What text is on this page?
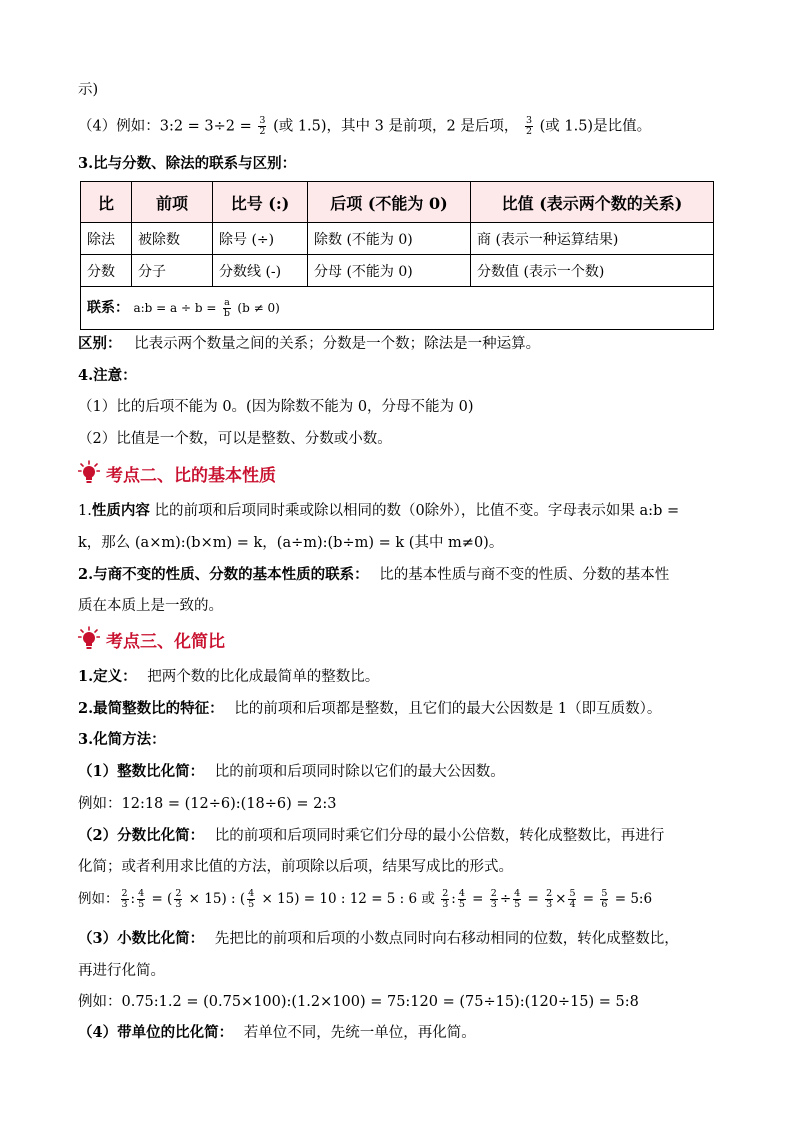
示)
（4）例如：3:2 = $3\div 2 = \frac{3}{2}$ (或 1.5)，其中 3 是前项，2 是后项， $\frac{3}{2}$ (或 1.5)是比值。
3.比与分数、除法的联系与区别：
比	前项	比号 (:)	后项 (不能为 0)	比值 (表示两个数的关系)
除法	被除数	除号 (÷)	除数 (不能为 0)	商 (表示一种运算结果)
分数	分子	分数线 (-)	分母 (不能为 0)	分数值 (表示一个数)
联系： a:b = $a \div b = \frac{a}{b} (b \ne 0)$				
区别： 比表示两个数量之间的关系；分数是一个数；除法是一种运算。
4.注意：
（1）比的后项不能为 0。(因为除数不能为 0，分母不能为 0)
（2）比值是一个数，可以是整数、分数或小数。
考点二、比的基本性质
1.性质内容 比的前项和后项同时乘或除以相同的数（0除外），比值不变。字母表示如果 a:b =
k，那么 (a×m):(b×m) = k，(a÷m):(b÷m) = k (其中 m≠0)。
2.与商不变的性质、分数的基本性质的联系： 比的基本性质与商不变的性质、分数的基本性
质在本质上是一致的。
考点三、化简比
1.定义： 把两个数的比化成最简单的整数比。
2.最简整数比的特征： 比的前项和后项都是整数，且它们的最大公因数是 1（即互质数）。
3.化简方法：
（1）整数比化简： 比的前项和后项同时除以它们的最大公因数。
例如：12:18 = (12÷6):(18÷6) = 2:3
（2）分数比化简： 比的前项和后项同时乘它们分母的最小公倍数，转化成整数比，再进行
化简；或者利用求比值的方法，前项除以后项，结果写成比的形式。
例如： $\frac{2}{3}$ : $\frac{4}{5}$ = ( $\frac{2}{3} \times 15$) : ( $\frac{4}{5} \times 15) = 10$ : 12 = 5 : 6 或 $\frac{2}{3}$ : $\frac{4}{5} = \frac{2}{3} \div \frac{4}{5} = \frac{2}{3} \times \frac{5}{4} = \frac{5}{6}$ = 5:6
（3）小数比化简： 先把比的前项和后项的小数点同时向右移动相同的位数，转化成整数比，
再进行化简。
例如：0.75:1.2 = (0.75×100):(1.2×100) = 75:120 = (75÷15):(120÷15) = 5:8
（4）带单位的比化简： 若单位不同，先统一单位，再化简。
